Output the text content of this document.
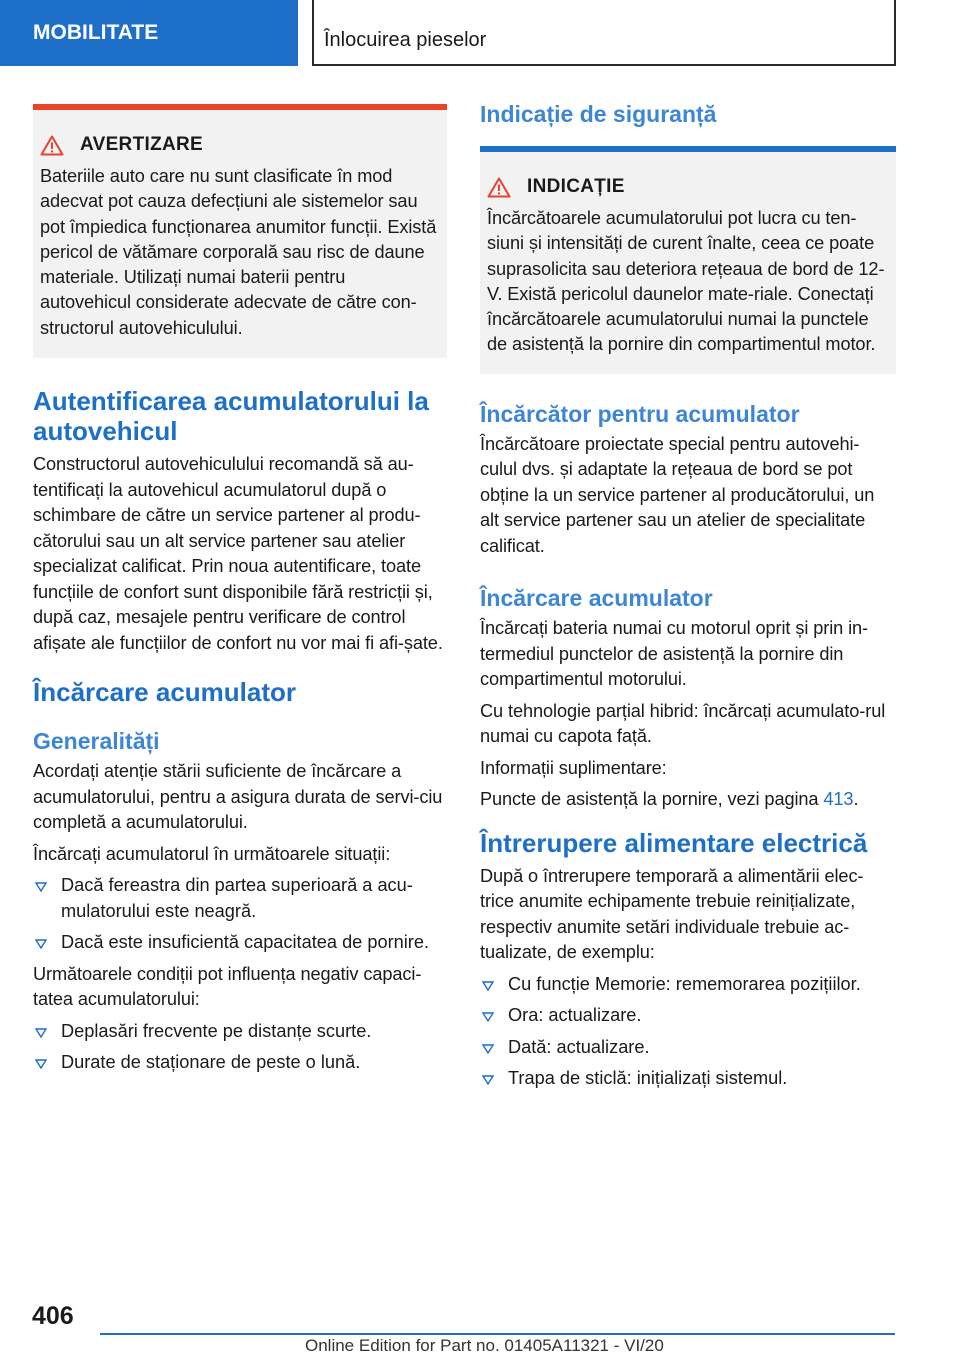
MOBILITATE	Înlocuirea pieselor
AVERTIZARE
Bateriile auto care nu sunt clasificate în mod adecvat pot cauza defecțiuni ale sistemelor sau pot împiedica funcționarea anumitor funcții. Există pericol de vătămare corporală sau risc de daune materiale. Utilizați numai baterii pentru autovehicul considerate adecvate de către con‐structorul autovehiculului.
Autentificarea acumulatorului la autovehicul
Constructorul autovehiculului recomandă să au‐tentificați la autovehicul acumulatorul după o schimbare de către un service partener al produ‐cătorului sau un alt service partener sau atelier specializat calificat. Prin noua autentificare, toate funcțiile de confort sunt disponibile fără restricții și, după caz, mesajele pentru verificare de control afișate ale funcțiilor de confort nu vor mai fi afi‐șate.
Încărcare acumulator
Generalități
Acordați atenție stării suficiente de încărcare a acumulatorului, pentru a asigura durata de servi‐ciu completă a acumulatorului.
Încărcați acumulatorul în următoarele situații:
Dacă fereastra din partea superioară a acu‐mulatorului este neagră.
Dacă este insuficientă capacitatea de pornire.
Următoarele condiții pot influența negativ capaci‐tatea acumulatorului:
Deplasări frecvente pe distanțe scurte.
Durate de staționare de peste o lună.
Indicație de siguranță
INDICAȚIE
Încărcătoarele acumulatorului pot lucra cu ten‐siuni și intensități de curent înalte, ceea ce poate suprasolicita sau deteriora rețeaua de bord de 12-V. Există pericolul daunelor mate‐riale. Conectați încărcătoarele acumulatorului numai la punctele de asistență la pornire din compartimentul motor.
Încărcător pentru acumulator
Încărcătoare proiectate special pentru autovehi‐culul dvs. și adaptate la rețeaua de bord se pot obține la un service partener al producătorului, un alt service partener sau un atelier de specialitate calificat.
Încărcare acumulator
Încărcați bateria numai cu motorul oprit și prin in‐termediul punctelor de asistență la pornire din compartimentul motorului.
Cu tehnologie parțial hibrid: încărcați acumulato‐rul numai cu capota față.
Informații suplimentare:
Puncte de asistență la pornire, vezi pagina 413.
Întrerupere alimentare electrică
După o întrerupere temporară a alimentării elec‐trice anumite echipamente trebuie reinițializate, respectiv anumite setări individuale trebuie ac‐tualizate, de exemplu:
Cu funcție Memorie: rememorarea pozițiilor.
Ora: actualizare.
Dată: actualizare.
Trapa de sticlă: inițializați sistemul.
406
Online Edition for Part no. 01405A11321 - VI/20
